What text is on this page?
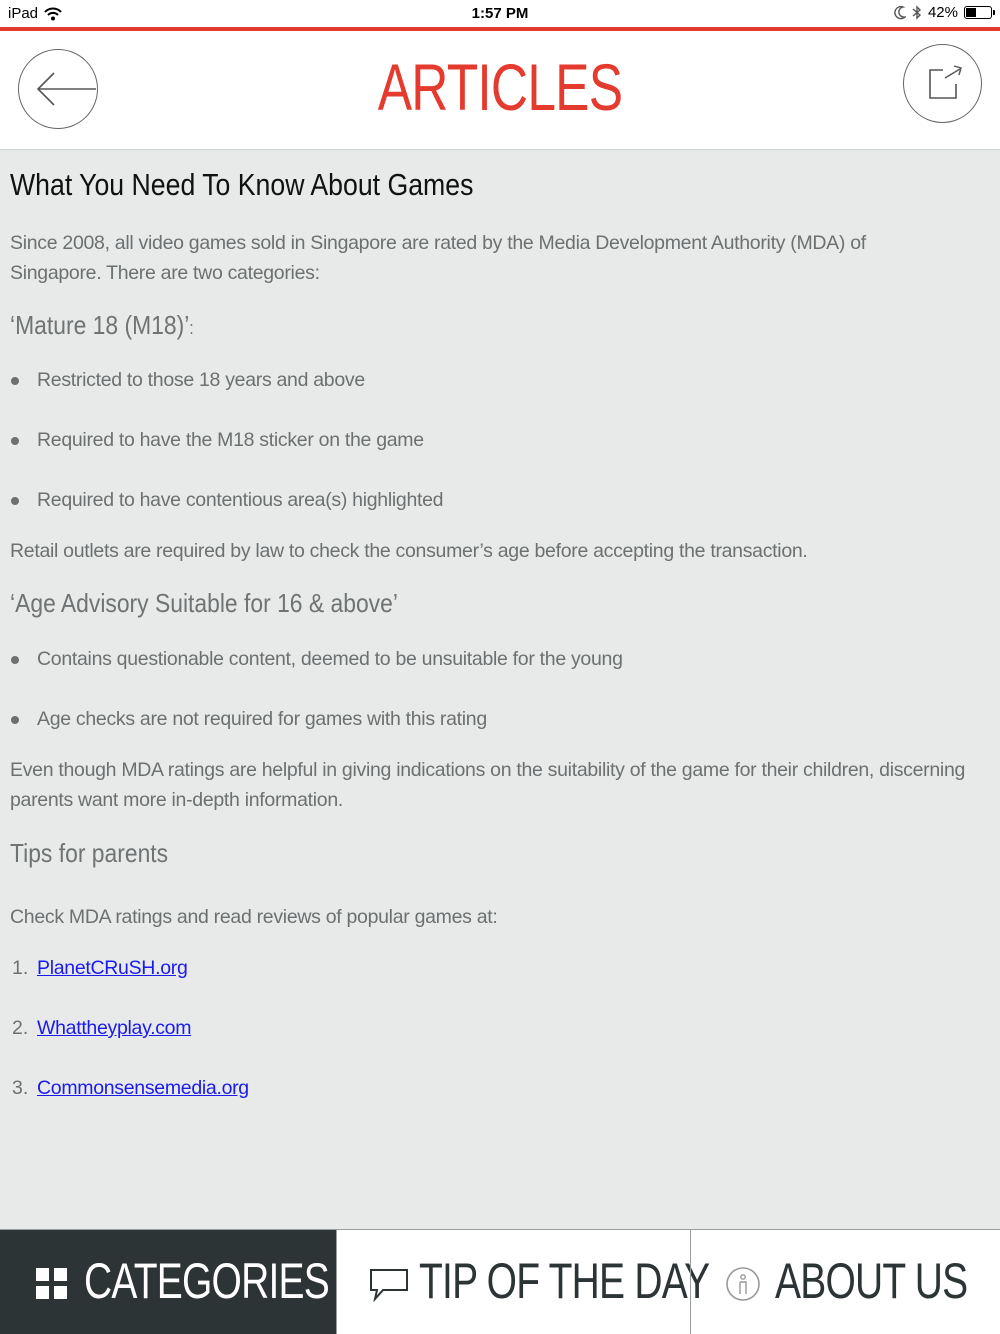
iPad	1:57 PM	42%
ARTICLES
What You Need To Know About Games
Since 2008, all video games sold in Singapore are rated by the Media Development Authority (MDA) of Singapore. There are two categories:
‘Mature 18 (M18)’:
Restricted to those 18 years and above
Required to have the M18 sticker on the game
Required to have contentious area(s) highlighted
Retail outlets are required by law to check the consumer’s age before accepting the transaction.
‘Age Advisory Suitable for 16 & above’
Contains questionable content, deemed to be unsuitable for the young
Age checks are not required for games with this rating
Even though MDA ratings are helpful in giving indications on the suitability of the game for their children, discerning parents want more in-depth information.
Tips for parents
Check MDA ratings and read reviews of popular games at:
1. PlanetCRuSH.org
2. Whattheyplay.com
3. Commonsensemedia.org
CATEGORIES TIP OF THE DAY ABOUT US
